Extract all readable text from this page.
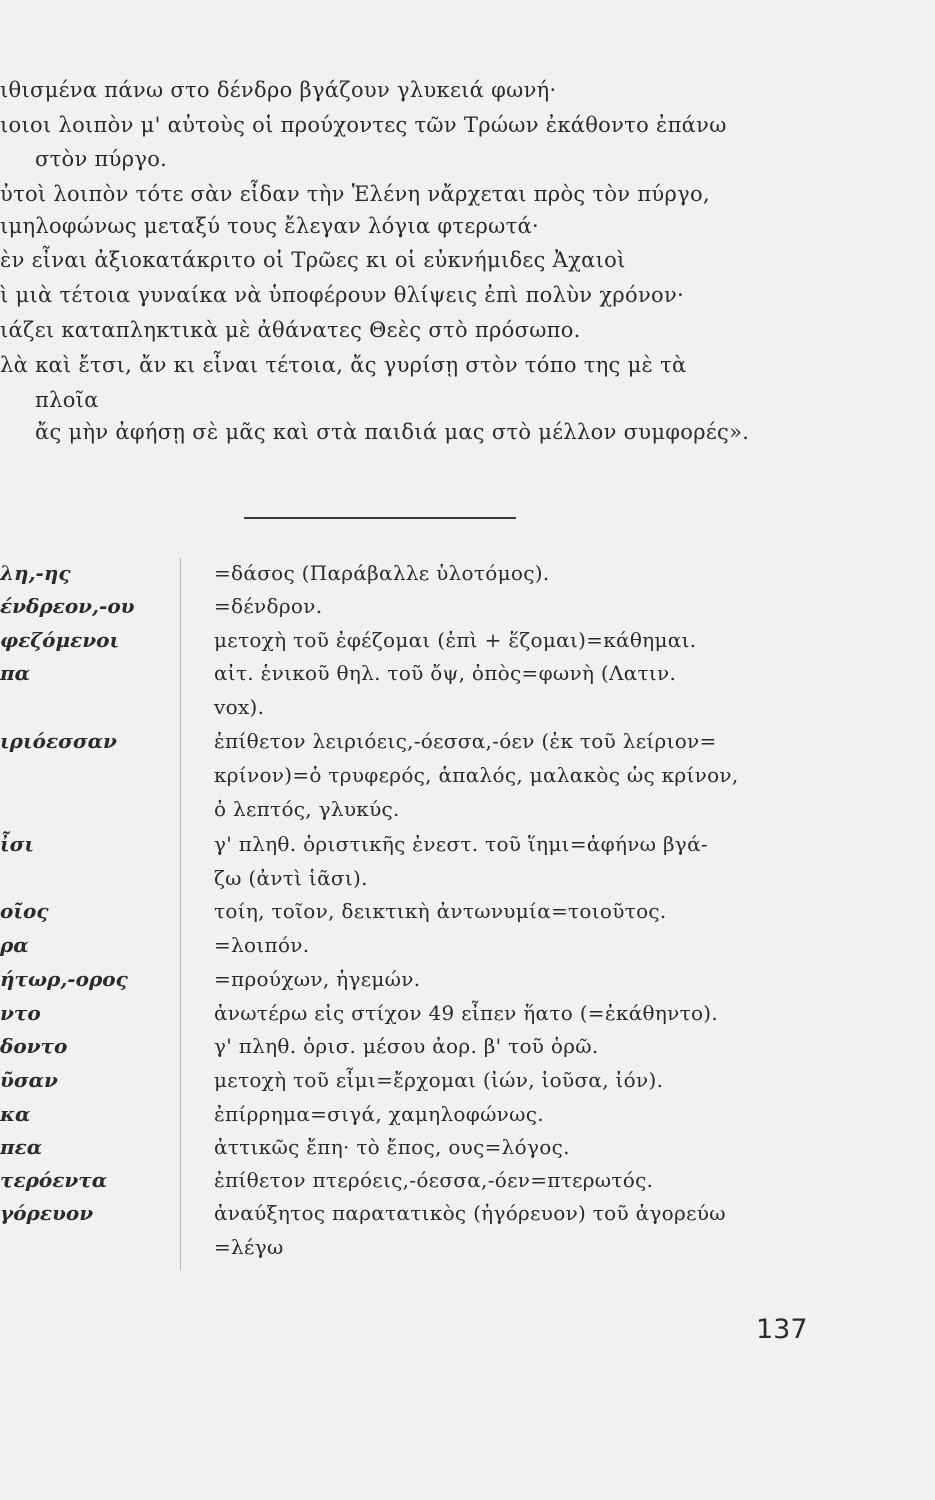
ιθισμένα πάνω στο δένδρο βγάζουν γλυκειά φωνή·
ιοιοι λοιπὸν μ' αὐτοὺς οἱ προύχοντες τῶν Τρώων ἐκάθοντο ἐπάνω
στὸν πύργο.
ὐτοὶ λοιπὸν τότε σὰν εἶδαν τὴν Ἑλένη νἄρχεται πρὸς τὸν πύργο,
ιμηλοφώνως μεταξύ τους ἔλεγαν λόγια φτερωτά·
ὲν εἶναι ἀξιοκατάκριτο οἱ Τρῶες κι οἱ εὐκνήμιδες Ἀχαιοὶ
ὶ μιὰ τέτοια γυναίκα νὰ ὑποφέρουν θλίψεις ἐπὶ πολὺν χρόνον·
ιάζει καταπληκτικὰ μὲ ἀθάνατες Θεὲς στὸ πρόσωπο.
λὰ καὶ ἔτσι, ἄν κι εἶναι τέτοια, ἄς γυρίσῃ στὸν τόπο της μὲ τὰ
πλοῖα
ἄς μὴν ἀφήσῃ σὲ μᾶς καὶ στὰ παιδιά μας στὸ μέλλον συμφορές».
λη,-ης	=δάσος (Παράβαλλε ὑλοτόμος).
ένδρεον,-ου	=δένδρον.
φεζόμενοι	μετοχὴ τοῦ ἐφέζομαι (ἐπὶ + ἕζομαι)=κάθημαι.
πα	αἰτ. ἑνικοῦ θηλ. τοῦ ὄψ, ὀπὸς=φωνὴ (Λατιν.
vox).
ιριόεσσαν	ἐπίθετον λειριόεις,-όεσσα,-όεν (ἐκ τοῦ λείριον=
κρίνον)=ὁ τρυφερός, ἁπαλός, μαλακὸς ὡς κρίνον,
ὁ λεπτός, γλυκύς.
ἶσι	γ' πληθ. ὁριστικῆς ἐνεστ. τοῦ ἵημι=ἀφήνω βγά-
ζω (ἀντὶ ἱᾶσι).
οῖος	τοίη, τοῖον, δεικτικὴ ἀντωνυμία=τοιοῦτος.
ρα	=λοιπόν.
ήτωρ,-ορος	=προύχων, ἡγεμών.
ντο	ἀνωτέρω εἰς στίχον 49 εἶπεν ἥατο (=ἐκάθηντο).
δοντο	γ' πληθ. ὁρισ. μέσου ἀορ. β' τοῦ ὁρῶ.
ῦσαν	μετοχὴ τοῦ εἶμι=ἔρχομαι (ἰών, ἰοῦσα, ἰόν).
κα	ἐπίρρημα=σιγά, χαμηλοφώνως.
πεα	ἀττικῶς ἔπη· τὸ ἔπος, ους=λόγος.
τερόεντα	ἐπίθετον πτερόεις,-όεσσα,-όεν=πτερωτός.
γόρευον	ἀναύξητος παρατατικὸς (ἠγόρευον) τοῦ ἀγορεύω
=λέγω
137
